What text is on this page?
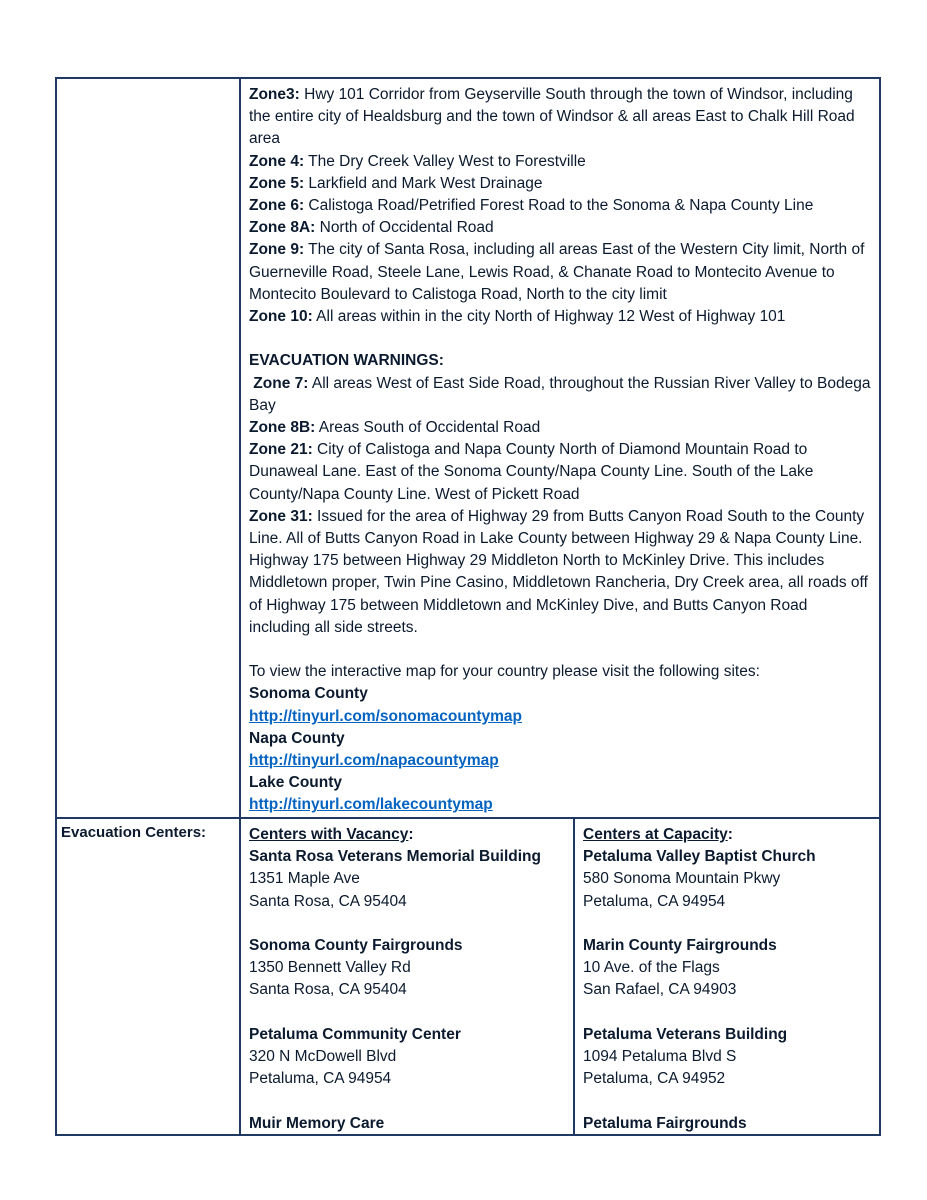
Zone3: Hwy 101 Corridor from Geyserville South through the town of Windsor, including the entire city of Healdsburg and the town of Windsor & all areas East to Chalk Hill Road area

Zone 4: The Dry Creek Valley West to Forestville

Zone 5: Larkfield and Mark West Drainage

Zone 6: Calistoga Road/Petrified Forest Road to the Sonoma & Napa County Line

Zone 8A: North of Occidental Road

Zone 9: The city of Santa Rosa, including all areas East of the Western City limit, North of Guerneville Road, Steele Lane, Lewis Road, & Chanate Road to Montecito Avenue to Montecito Boulevard to Calistoga Road, North to the city limit

Zone 10: All areas within in the city North of Highway 12 West of Highway 101

EVACUATION WARNINGS:

Zone 7: All areas West of East Side Road, throughout the Russian River Valley to Bodega Bay

Zone 8B: Areas South of Occidental Road

Zone 21: City of Calistoga and Napa County North of Diamond Mountain Road to Dunaweal Lane. East of the Sonoma County/Napa County Line. South of the Lake County/Napa County Line. West of Pickett Road

Zone 31: Issued for the area of Highway 29 from Butts Canyon Road South to the County Line. All of Butts Canyon Road in Lake County between Highway 29 & Napa County Line. Highway 175 between Highway 29 Middleton North to McKinley Drive. This includes Middletown proper, Twin Pine Casino, Middletown Rancheria, Dry Creek area, all roads off of Highway 175 between Middletown and McKinley Dive, and Butts Canyon Road including all side streets.

To view the interactive map for your country please visit the following sites:

Sonoma County

http://tinyurl.com/sonomacountymap

Napa County

http://tinyurl.com/napacountymap

Lake County

http://tinyurl.com/lakecountymap

Evacuation Centers:	Centers with Vacancy:

Santa Rosa Veterans Memorial Building

1351 Maple Ave

Santa Rosa, CA 95404

Sonoma County Fairgrounds

1350 Bennett Valley Rd

Santa Rosa, CA 95404

Petaluma Community Center

320 N McDowell Blvd

Petaluma, CA 94954

Muir Memory Care

Centers at Capacity:

Petaluma Valley Baptist Church

580 Sonoma Mountain Pkwy

Petaluma, CA 94954

Marin County Fairgrounds

10 Ave. of the Flags

San Rafael, CA 94903

Petaluma Veterans Building

1094 Petaluma Blvd S

Petaluma, CA 94952

Petaluma Fairgrounds
